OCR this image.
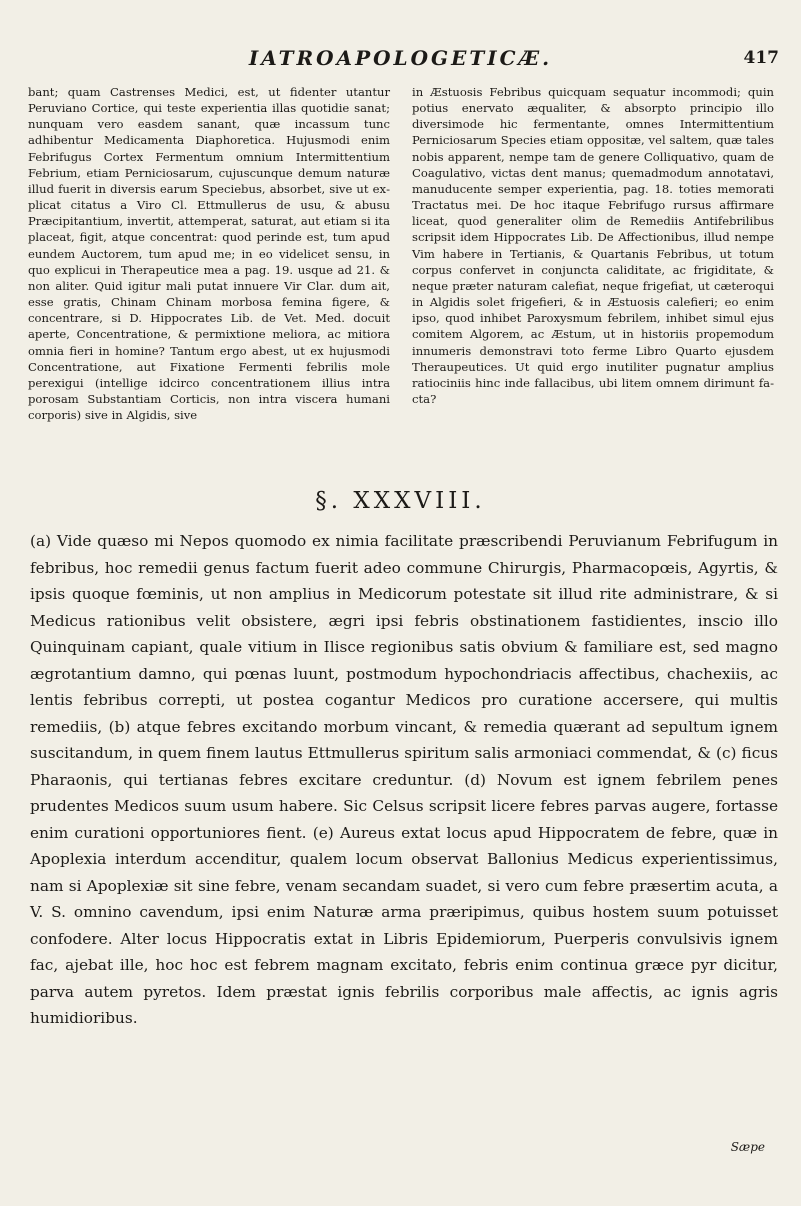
IATROAPOLOGETICÆ.	417

bant; quam Castrenses Medici, est, ut fidenter utantur Peruviano Cortice, qui teste experientia illas quotidie sanat; nunquam vero easdem sanant, quæ incassum tunc adhibentur Medicamenta Diaphoretica. Hujusmodi enim Febrifugus Cortex Fermentum omnium Intermittentium Febrium, etiam Perniciosarum, cujuscunque demum naturæ illud fuerit in diversis earum Speciebus, absorbet, sive ut explicat citatus a Viro Cl. Ettmullerus de usu, & abusu Præcipitantium, invertit, attemperat, saturat, aut etiam si ita placeat, figit, atque concentrat: quod perinde est, tum apud eundem Auctorem, tum apud me; in eo videlicet sensu, in quo explicui in Therapeutice mea a pag. 19. usque ad 21. & non aliter. Quid igitur mali putat innuere Vir Clar. dum ait, esse gratis, Chinam Chinam morbosa femina figere, & concentrare, si D. Hippocrates Lib. de Vet. Med. docuit aperte, Concentratione, & permixtione meliora, ac mitiora omnia fieri in homine? Tantum ergo abest, ut ex hujusmodi Concentratione, aut Fixatione Fermenti febrilis mole perexigui (intellige idcirco concentrationem illius intra porosam Substantiam Corticis, non intra viscera humani corporis) sive in Algidis, sive

in Æstuosis Febribus quicquam sequatur incommodi; quin potius enervato æqualiter, & absorpto principio illo diversimode hic fermentante, omnes Intermittentium Perniciosarum Species etiam oppositæ, vel saltem, quæ tales nobis apparent, nempe tam de genere Colliquativo, quam de Coagulativo, victas dent manus; quemadmodum annotatavi, manuducente semper experientia, pag. 18. toties memorati Tractatus mei. De hoc itaque Febrifugo rursus affirmare liceat, quod generaliter olim de Remediis Antifebrilibus scripsit idem Hippocrates Lib. De Affectionibus, illud nempe Vim habere in Tertianis, & Quartanis Febribus, ut totum corpus confervet in conjuncta caliditate, ac frigiditate, & neque præter naturam calefiat, neque frigefiat, ut cæteroqui in Algidis solet frigefieri, & in Æstuosis calefieri; eo enim ipso, quod inhibet Paroxysmum febrilem, inhibet simul ejus comitem Algorem, ac Æstum, ut in historiis propemodum innumeris demonstravi toto ferme Libro Quarto ejusdem Theraupeutices. Ut quid ergo inutiliter pugnatur amplius ratiociniis hinc inde fallacibus, ubi litem omnem dirimunt facta?

§. XXXVIII.

(a) Vide quæso mi Nepos quomodo ex nimia facilitate præscribendi Peruvianum Febrifugum in febribus, hoc remedii genus factum fuerit adeo commune Chirurgis, Pharmacopœis, Agyrtis, & ipsis quoque fœminis, ut non amplius in Medicorum potestate sit illud rite administrare, & si Medicus rationibus velit obsistere, ægri ipsi febris obstinationem fastidientes, inscio illo Quinquinam capiant, quale vitium in Ilisce regionibus satis obvium & familiare est, sed magno ægrotantium damno, qui pœnas luunt, postmodum hypochondriacis affectibus, chachexiis, ac lentis febribus correpti, ut postea cogantur Medicos pro curatione accersere, qui multis remediis, (b) atque febres excitando morbum vincant, & remedia quærant ad sepultum ignem suscitandum, in quem finem lautus Ettmullerus spiritum salis armoniaci commendat, & (c) ficus Pharaonis, qui tertianas febres excitare creduntur. (d) Novum est ignem febrilem penes prudentes Medicos suum usum habere. Sic Celsus scripsit licere febres parvas augere, fortasse enim curationi opportuniores fient. (e) Aureus extat locus apud Hippocratem de febre, quæ in Apoplexia interdum accenditur, qualem locum observat Ballonius Medicus experientissimus, nam si Apoplexiæ sit sine febre, venam secandam suadet, si vero cum febre præsertim acuta, a V. S. omnino cavendum, ipsi enim Naturæ arma præripimus, quibus hostem suum potuisset confodere. Alter locus Hippocratis extat in Libris Epidemiorum, Puerperis convulsivis ignem fac, ajebat ille, hoc hoc est febrem magnam excitato, febris enim continua græce pyr dicitur, parva autem pyretos. Idem præstat ignis febrilis corporibus male affectis, ac ignis agris humidioribus.

Sæpe
